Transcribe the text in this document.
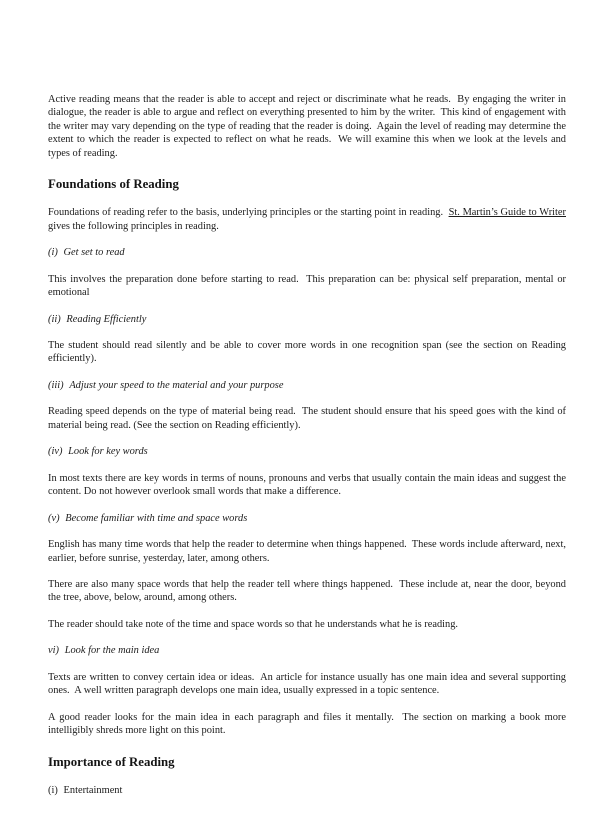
Active reading means that the reader is able to accept and reject or discriminate what he reads.  By engaging the writer in dialogue, the reader is able to argue and reflect on everything presented to him by the writer.  This kind of engagement with the writer may vary depending on the type of reading that the reader is doing.  Again the level of reading may determine the extent to which the reader is expected to reflect on what he reads.  We will examine this when we look at the levels and types of reading.

Foundations of Reading

Foundations of reading refer to the basis, underlying principles or the starting point in reading.  St. Martin’s Guide to Writer gives the following principles in reading.

(i) Get set to read

This involves the preparation done before starting to read.  This preparation can be: physical self preparation, mental or emotional

(ii) Reading Efficiently

The student should read silently and be able to cover more words in one recognition span (see the section on Reading efficiently).

(iii) Adjust your speed to the material and your purpose

Reading speed depends on the type of material being read.  The student should ensure that his speed goes with the kind of material being read. (See the section on Reading efficiently).

(iv) Look for key words

In most texts there are key words in terms of nouns, pronouns and verbs that usually contain the main ideas and suggest the content. Do not however overlook small words that make a difference.

(v) Become familiar with time and space words

English has many time words that help the reader to determine when things happened.  These words include afterward, next, earlier, before sunrise, yesterday, later, among others.

There are also many space words that help the reader tell where things happened.  These include at, near the door, beyond the tree, above, below, around, among others.

The reader should take note of the time and space words so that he understands what he is reading.

vi) Look for the main idea

Texts are written to convey certain idea or ideas.  An article for instance usually has one main idea and several supporting ones.  A well written paragraph develops one main idea, usually expressed in a topic sentence.

A good reader looks for the main idea in each paragraph and files it mentally.  The section on marking a book more intelligibly shreds more light on this point.

Importance of Reading

(i) Entertainment
